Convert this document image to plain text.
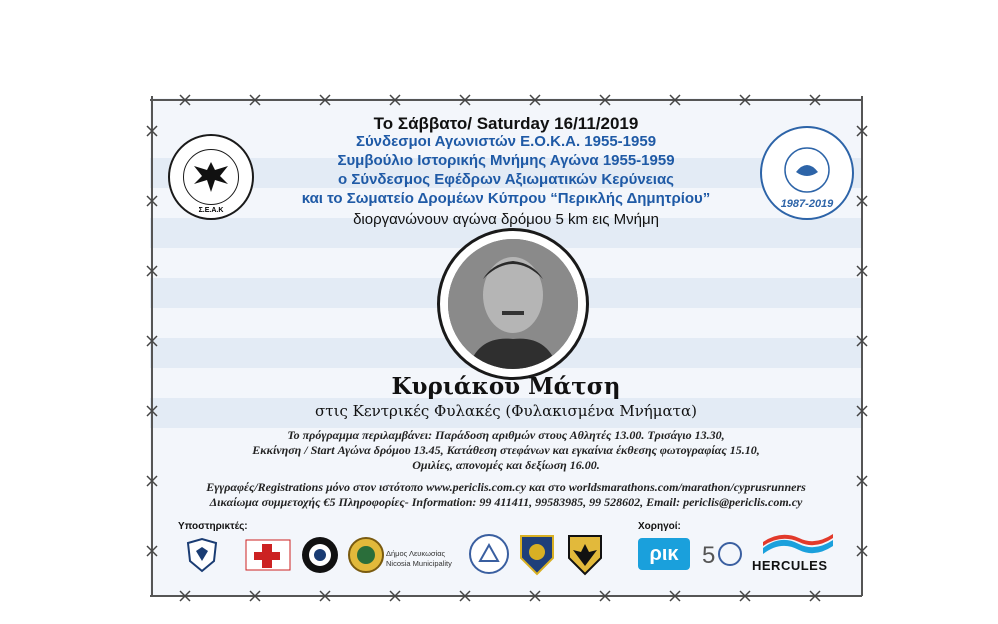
Σ.Ε.Α.Κ
1987-2019
Το Σάββατο/ Saturday 16/11/2019
Σύνδεσμοι Αγωνιστών Ε.Ο.Κ.Α. 1955-1959
Συμβούλιο Ιστορικής Μνήμης Αγώνα 1955-1959
ο Σύνδεσμος Εφέδρων Αξιωματικών Κερύνειας
και το Σωματείο Δρομέων Κύπρου “Περικλής Δημητρίου”
διοργανώνουν αγώνα δρόμου 5 km εις Μνήμη
Κυριάκου Μάτση
στις Κεντρικές Φυλακές (Φυλακισμένα Μνήματα)
Το πρόγραμμα περιλαμβάνει: Παράδοση αριθμών στους Αθλητές 13.00. Τρισάγιο 13.30,
Εκκίνηση / Start Αγώνα δρόμου 13.45, Κατάθεση στεφάνων και εγκαίνια έκθεσης φωτογραφίας 15.10,
Ομιλίες, απονομές και δεξίωση 16.00.
Εγγραφές/Registrations μόνο στον ιστότοπο www.periclis.com.cy και στο worldsmarathons.com/marathon/cyprusrunners
Δικαίωμα συμμετοχής €5 Πληροφορίες- Information: 99 411411, 99583985, 99 528602, Email: periclis@periclis.com.cy
Υποστηρικτές:	Χορηγοί:
Δήμος Λευκωσίας
Nicosia Municipality	ρικ 5	HERCULES
